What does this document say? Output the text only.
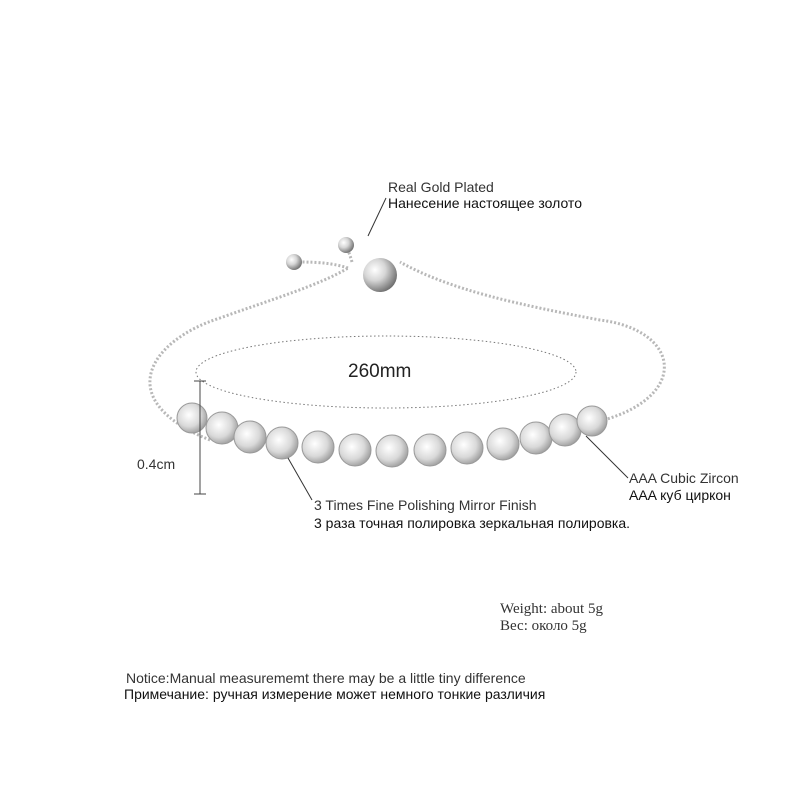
Real Gold Plated
Нанесение настоящее золото
260mm
0.4cm
AAA Cubic Zircon
AAA куб циркон
3 Times Fine Polishing Mirror Finish
3 раза точная полировка зеркальная полировка.
Weight: about 5g
Вес: около 5g
Notice:Manual measurememt there may be a little tiny difference
Примечание: ручная измерение может немного тонкие различия
